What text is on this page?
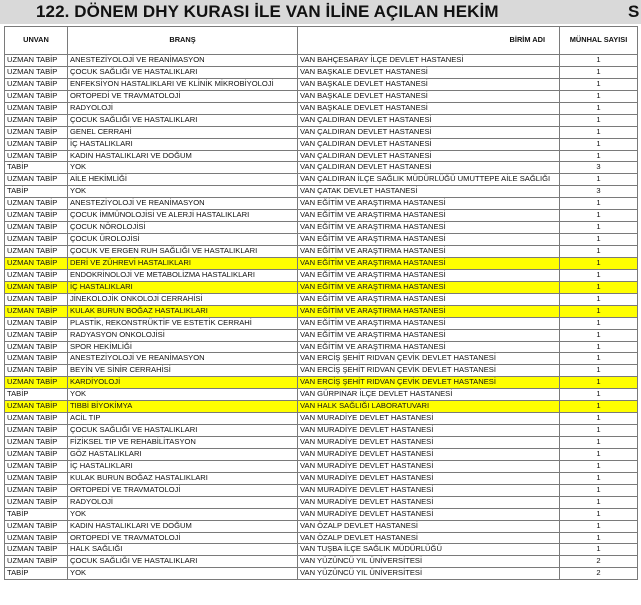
122. DÖNEM DHY KURASI İLE VAN İLİNE AÇILAN HEKİM	S
UNVAN	BRANŞ	BİRİM ADI	MÜNHAL SAYISI
UZMAN TABİP	ANESTEZİYOLOJİ VE REANİMASYON	VAN BAHÇESARAY İLÇE DEVLET HASTANESİ	1
UZMAN TABİP	ÇOCUK SAĞLIĞI VE HASTALIKLARI	VAN BAŞKALE DEVLET HASTANESİ	1
UZMAN TABİP	ENFEKSİYON HASTALIKLARI VE KLİNİK MİKROBİYOLOJİ	VAN BAŞKALE DEVLET HASTANESİ	1
UZMAN TABİP	ORTOPEDİ VE TRAVMATOLOJİ	VAN BAŞKALE DEVLET HASTANESİ	1
UZMAN TABİP	RADYOLOJİ	VAN BAŞKALE DEVLET HASTANESİ	1
UZMAN TABİP	ÇOCUK SAĞLIĞI VE HASTALIKLARI	VAN ÇALDIRAN DEVLET HASTANESİ	1
UZMAN TABİP	GENEL CERRAHİ	VAN ÇALDIRAN DEVLET HASTANESİ	1
UZMAN TABİP	İÇ HASTALIKLARI	VAN ÇALDIRAN DEVLET HASTANESİ	1
UZMAN TABİP	KADIN HASTALIKLARI VE DOĞUM	VAN ÇALDIRAN DEVLET HASTANESİ	1
TABİP	YOK	VAN ÇALDIRAN DEVLET HASTANESİ	3
UZMAN TABİP	AİLE HEKİMLİĞİ	VAN ÇALDIRAN İLÇE SAĞLIK MÜDÜRLÜĞÜ UMUTTEPE AİLE SAĞLIĞI	1
TABİP	YOK	VAN ÇATAK DEVLET HASTANESİ	3
UZMAN TABİP	ANESTEZİYOLOJİ VE REANİMASYON	VAN EĞİTİM VE ARAŞTIRMA HASTANESİ	1
UZMAN TABİP	ÇOCUK İMMÜNOLOJİSİ VE ALERJİ HASTALIKLARI	VAN EĞİTİM VE ARAŞTIRMA HASTANESİ	1
UZMAN TABİP	ÇOCUK NÖROLOJİSİ	VAN EĞİTİM VE ARAŞTIRMA HASTANESİ	1
UZMAN TABİP	ÇOCUK ÜROLOJİSİ	VAN EĞİTİM VE ARAŞTIRMA HASTANESİ	1
UZMAN TABİP	ÇOCUK VE ERGEN RUH SAĞLIĞI VE HASTALIKLARI	VAN EĞİTİM VE ARAŞTIRMA HASTANESİ	1
UZMAN TABİP	DERİ VE ZÜHREVİ HASTALIKLARI	VAN EĞİTİM VE ARAŞTIRMA HASTANESİ	1
UZMAN TABİP	ENDOKRİNOLOJİ VE METABOLİZMA HASTALIKLARI	VAN EĞİTİM VE ARAŞTIRMA HASTANESİ	1
UZMAN TABİP	İÇ HASTALIKLARI	VAN EĞİTİM VE ARAŞTIRMA HASTANESİ	1
UZMAN TABİP	JİNEKOLOJİK ONKOLOJİ CERRAHİSİ	VAN EĞİTİM VE ARAŞTIRMA HASTANESİ	1
UZMAN TABİP	KULAK BURUN BOĞAZ HASTALIKLARI	VAN EĞİTİM VE ARAŞTIRMA HASTANESİ	1
UZMAN TABİP	PLASTİK, REKONSTRÜKTİF VE ESTETİK CERRAHİ	VAN EĞİTİM VE ARAŞTIRMA HASTANESİ	1
UZMAN TABİP	RADYASYON ONKOLOJİSİ	VAN EĞİTİM VE ARAŞTIRMA HASTANESİ	1
UZMAN TABİP	SPOR HEKİMLİĞİ	VAN EĞİTİM VE ARAŞTIRMA HASTANESİ	1
UZMAN TABİP	ANESTEZİYOLOJİ VE REANİMASYON	VAN ERCİŞ ŞEHİT RIDVAN ÇEVİK DEVLET HASTANESİ	1
UZMAN TABİP	BEYİN VE SİNİR CERRAHİSİ	VAN ERCİŞ ŞEHİT RIDVAN ÇEVİK DEVLET HASTANESİ	1
UZMAN TABİP	KARDİYOLOJİ	VAN ERCİŞ ŞEHİT RIDVAN ÇEVİK DEVLET HASTANESİ	1
TABİP	YOK	VAN GÜRPINAR İLÇE DEVLET HASTANESİ	1
UZMAN TABİP	TIBBİ BİYOKİMYA	VAN HALK SAĞLIĞI LABORATUVARI	1
UZMAN TABİP	ACİL TIP	VAN MURADİYE DEVLET HASTANESİ	1
UZMAN TABİP	ÇOCUK SAĞLIĞI VE HASTALIKLARI	VAN MURADİYE DEVLET HASTANESİ	1
UZMAN TABİP	FİZİKSEL TIP VE REHABİLİTASYON	VAN MURADİYE DEVLET HASTANESİ	1
UZMAN TABİP	GÖZ HASTALIKLARI	VAN MURADİYE DEVLET HASTANESİ	1
UZMAN TABİP	İÇ HASTALIKLARI	VAN MURADİYE DEVLET HASTANESİ	1
UZMAN TABİP	KULAK BURUN BOĞAZ HASTALIKLARI	VAN MURADİYE DEVLET HASTANESİ	1
UZMAN TABİP	ORTOPEDİ VE TRAVMATOLOJİ	VAN MURADİYE DEVLET HASTANESİ	1
UZMAN TABİP	RADYOLOJİ	VAN MURADİYE DEVLET HASTANESİ	1
TABİP	YOK	VAN MURADİYE DEVLET HASTANESİ	1
UZMAN TABİP	KADIN HASTALIKLARI VE DOĞUM	VAN ÖZALP DEVLET HASTANESİ	1
UZMAN TABİP	ORTOPEDİ VE TRAVMATOLOJİ	VAN ÖZALP DEVLET HASTANESİ	1
UZMAN TABİP	HALK SAĞLIĞI	VAN TUŞBA İLÇE SAĞLIK MÜDÜRLÜĞÜ	1
UZMAN TABİP	ÇOCUK SAĞLIĞI VE HASTALIKLARI	VAN YÜZÜNCÜ YIL ÜNİVERSİTESİ	2
TABİP	YOK	VAN YÜZÜNCÜ YIL ÜNİVERSİTESİ	2
